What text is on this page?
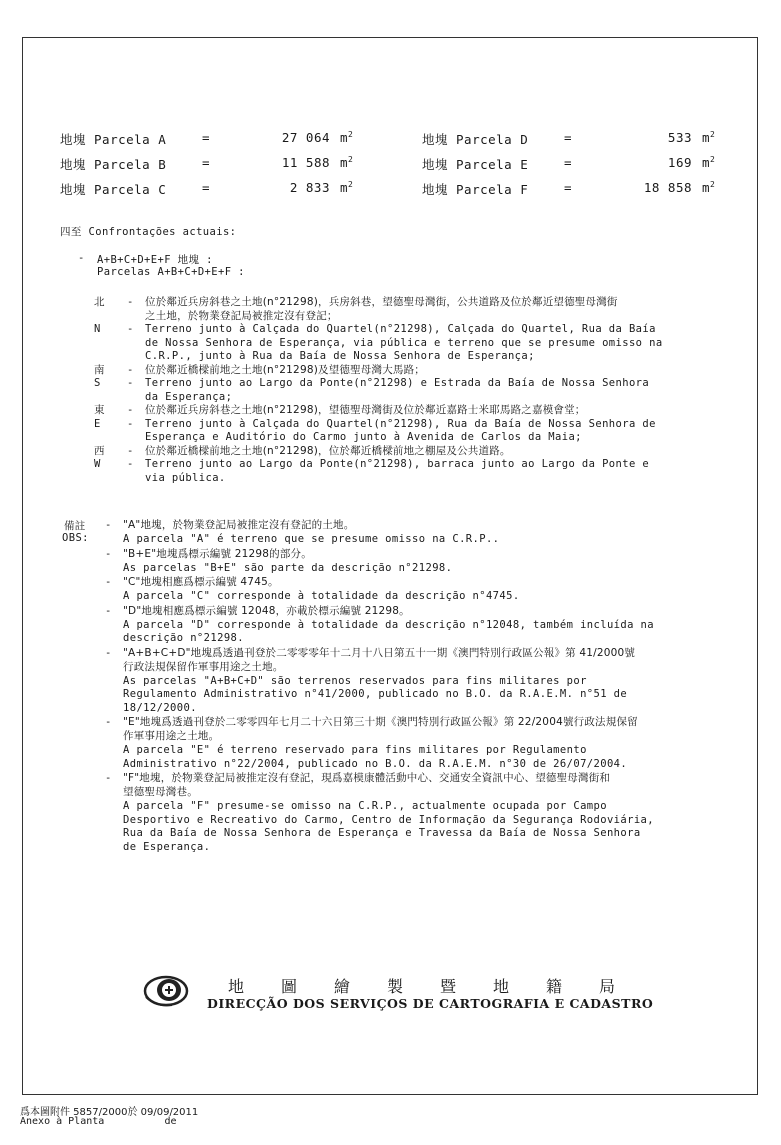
地塊 Parcela A	=	27 064 $m^2$
地塊 Parcela B	=	11 588 $m^2$
地塊 Parcela C	=	2 833 $m^2$
地塊 Parcela D	=	533 $m^2$
地塊 Parcela E	=	169 $m^2$
地塊 Parcela F	=	18 858 $m^2$
四至 Confrontações actuais:
- A+B+C+D+E+F 地塊 :
Parcelas A+B+C+D+E+F :
北 - 位於鄰近兵房斜巷之土地(n°21298)，兵房斜巷，望德聖母灣街，公共道路及位於鄰近望德聖母灣街
之土地，於物業登記局被推定沒有登記；
N	- Terreno junto à Calçada do Quartel(n°21298), Calçada do Quartel, Rua da Baía
de Nossa Senhora de Esperança, via pública e terreno que se presume omisso na
C.R.P., junto à Rua da Baía de Nossa Senhora de Esperança;
南 - 位於鄰近橋樑前地之土地(n°21298)及望德聖母灣大馬路；
S	- Terreno junto ao Largo da Ponte(n°21298) e Estrada da Baía de Nossa Senhora
da Esperança;
東 - 位於鄰近兵房斜巷之土地(n°21298)，望德聖母灣街及位於鄰近嘉路士米耶馬路之嘉模會堂；
E	- Terreno junto à Calçada do Quartel(n°21298), Rua da Baía de Nossa Senhora de
Esperança e Auditório do Carmo junto à Avenida de Carlos da Maia;
西 - 位於鄰近橋樑前地之土地(n°21298)，位於鄰近橋樑前地之棚屋及公共道路。
W	- Terreno junto ao Largo da Ponte(n°21298), barraca junto ao Largo da Ponte e
via pública.
備註
OBS:
- "A"地塊，於物業登記局被推定沒有登記的土地。
A parcela "A" é terreno que se presume omisso na C.R.P..
- "B+E"地塊爲標示編號 21298的部分。
As parcelas "B+E" são parte da descrição n°21298.
- "C"地塊相應爲標示編號 4745。
A parcela "C" corresponde à totalidade da descrição n°4745.
- "D"地塊相應爲標示編號 12048，亦載於標示編號 21298。
A parcela "D" corresponde à totalidade da descrição n°12048, também incluída na
descrição n°21298.
- "A+B+C+D"地塊爲透過刊登於二零零零年十二月十八日第五十一期《澳門特別行政區公報》第 41/2000號
行政法規保留作軍事用途之土地。
As parcelas "A+B+C+D" são terrenos reservados para fins militares por
Regulamento Administrativo n°41/2000, publicado no B.O. da R.A.E.M. n°51 de
18/12/2000.
- "E"地塊爲透過刊登於二零零四年七月二十六日第三十期《澳門特別行政區公報》第 22/2004號行政法規保留
作軍事用途之土地。
A parcela "E" é terreno reservado para fins militares por Regulamento
Administrativo n°22/2004, publicado no B.O. da R.A.E.M. n°30 de 26/07/2004.
- "F"地塊，於物業登記局被推定沒有登記，現爲嘉模康體活動中心、交通安全資訊中心、望德聖母灣街和
望德聖母灣巷。
A parcela "F" presume-se omisso na C.R.P., actualmente ocupada por Campo
Desportivo e Recreativo do Carmo, Centro de Informação da Segurança Rodoviária,
Rua da Baía de Nossa Senhora de Esperança e Travessa da Baía de Nossa Senhora
de Esperança.
地圖繪製暨地籍局
DIRECÇÃO DOS SERVIÇOS DE CARTOGRAFIA E CADASTRO
爲本圖附件 5857/2000於 09/09/2011
Anexo à Planta          de
